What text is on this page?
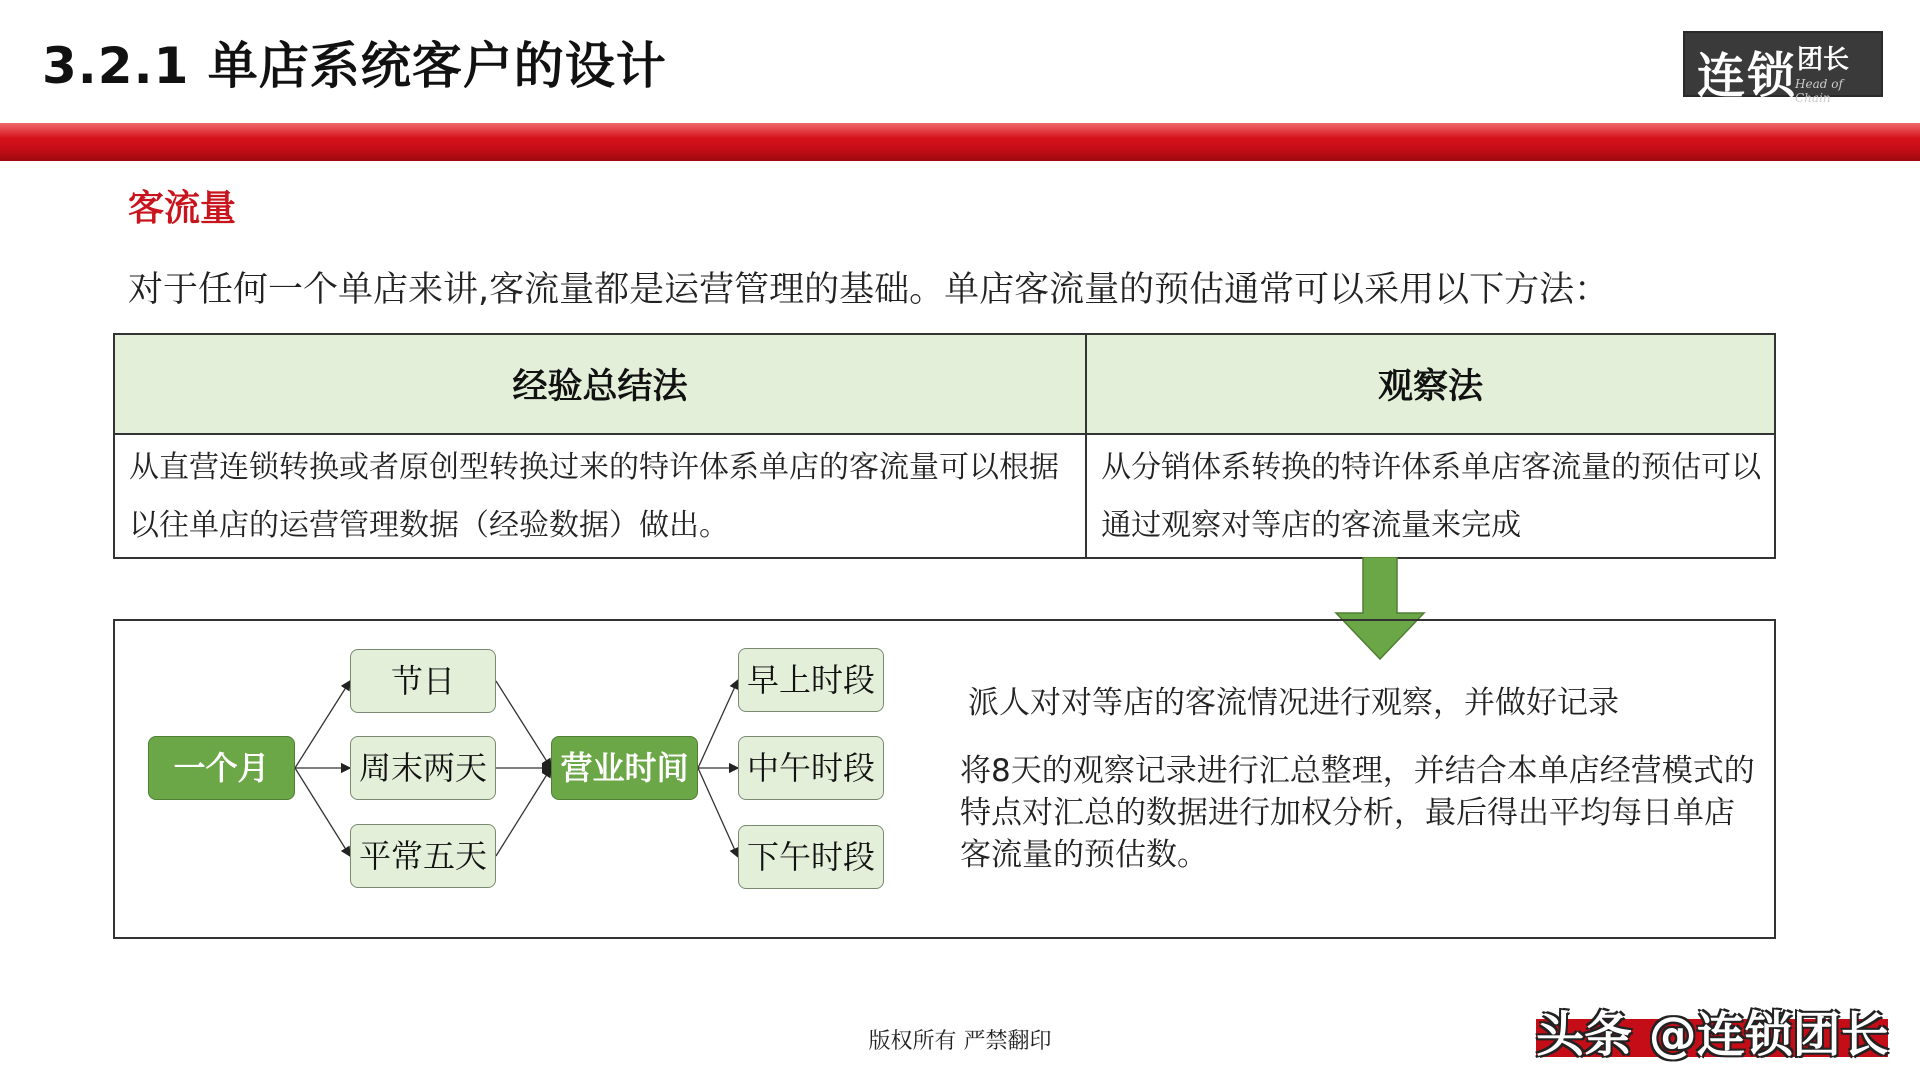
3.2.1 单店系统客户的设计	连锁 团长
Head of Chain
客流量
对于任何一个单店来讲,客流量都是运营管理的基础。单店客流量的预估通常可以采用以下方法：
经验总结法	观察法
从直营连锁转换或者原创型转换过来的特许体系单店的客流量可以根据以往单店的运营管理数据（经验数据）做出。	从分销体系转换的特许体系单店客流量的预估可以通过观察对等店的客流量来完成
一个月
节日
周末两天
平常五天
营业时间
早上时段
中午时段
下午时段
派人对对等店的客流情况进行观察，并做好记录
将8天的观察记录进行汇总整理，并结合本单店经营模式的特点对汇总的数据进行加权分析，最后得出平均每日单店客流量的预估数。
版权所有 严禁翻印	头条 @连锁团长
